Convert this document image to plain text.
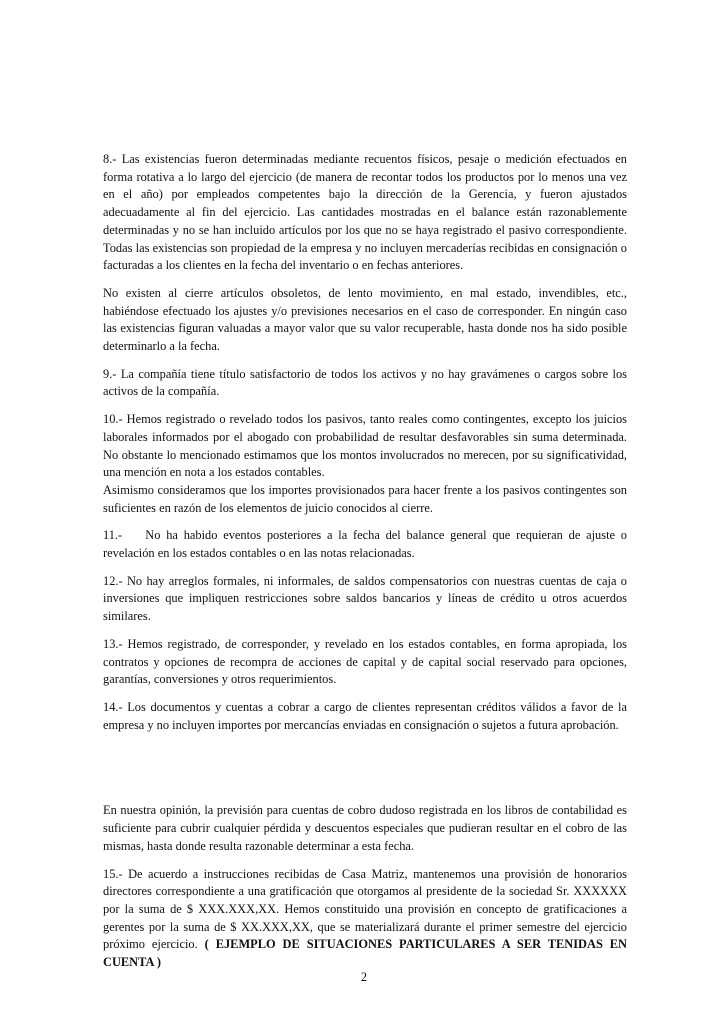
8.- Las existencias fueron determinadas mediante recuentos físicos, pesaje o medición efectuados en forma rotativa a lo largo del ejercicio (de manera de recontar todos los productos por lo menos una vez en el año) por empleados competentes bajo la dirección de la Gerencia, y fueron ajustados adecuadamente al fin del ejercicio. Las cantidades mostradas en el balance están razonablemente determinadas y no se han incluido artículos por los que no se haya registrado el pasivo correspondiente. Todas las existencias son propiedad de la empresa y no incluyen mercaderías recibidas en consignación o facturadas a los clientes en la fecha del inventario o en fechas anteriores.

No existen al cierre artículos obsoletos, de lento movimiento, en mal estado, invendibles, etc., habiéndose efectuado los ajustes y/o previsiones necesarios en el caso de corresponder. En ningún caso las existencias figuran valuadas a mayor valor que su valor recuperable, hasta donde nos ha sido posible determinarlo a la fecha.

9.- La compañía tiene título satisfactorio de todos los activos y no hay gravámenes o cargos sobre los activos de la compañía.

10.- Hemos registrado o revelado todos los pasivos, tanto reales como contingentes, excepto los juicios laborales informados por el abogado con probabilidad de resultar desfavorables sin suma determinada. No obstante lo mencionado estimamos que los montos involucrados no merecen, por su significatividad, una mención en nota a los estados contables.

Asimismo consideramos que los importes provisionados para hacer frente a los pasivos contingentes son suficientes en razón de los elementos de juicio conocidos al cierre.

11.-    No ha habido eventos posteriores a la fecha del balance general que requieran de ajuste o revelación en los estados contables o en las notas relacionadas.

12.- No hay arreglos formales, ni informales, de saldos compensatorios con nuestras cuentas de caja o inversiones que impliquen restricciones sobre saldos bancarios y líneas de crédito u otros acuerdos similares.

13.- Hemos registrado, de corresponder, y revelado en los estados contables, en forma apropiada, los contratos y opciones de recompra de acciones de capital y de capital social reservado para opciones, garantías, conversiones y otros requerimientos.

14.- Los documentos y cuentas a cobrar a cargo de clientes representan créditos válidos a favor de la empresa y no incluyen importes por mercancías enviadas en consignación o sujetos a futura aprobación.

En nuestra opinión, la previsión para cuentas de cobro dudoso registrada en los libros de contabilidad es suficiente para cubrir cualquier pérdida y descuentos especiales que pudieran resultar en el cobro de las mismas, hasta donde resulta razonable determinar a esta fecha.

15.- De acuerdo a instrucciones recibidas de Casa Matriz, mantenemos una provisión de honorarios directores correspondiente a una gratificación que otorgamos al presidente de la sociedad Sr. XXXXXX por la suma de $ XXX.XXX,XX. Hemos constituido una provisión en concepto de gratificaciones a gerentes por la suma de $ XX.XXX,XX, que se materializará durante el primer semestre del ejercicio próximo ejercicio. ( EJEMPLO DE SITUACIONES PARTICULARES A SER TENIDAS EN CUENTA )

2
